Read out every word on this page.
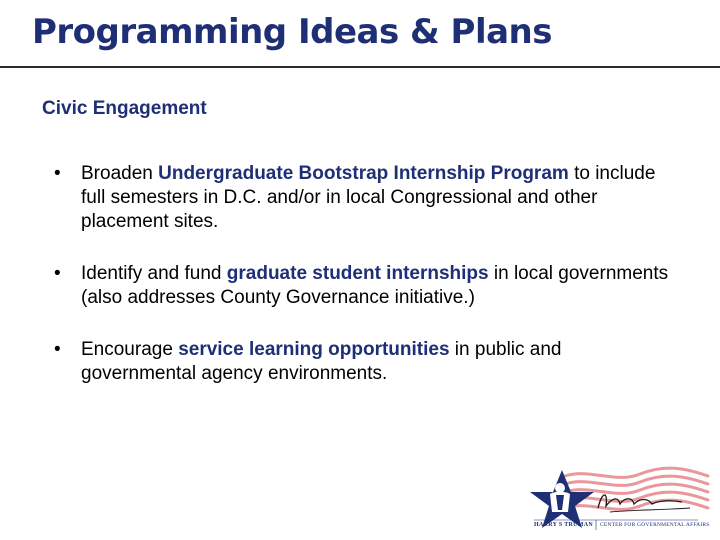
Programming Ideas & Plans
Civic Engagement
• Broaden Undergraduate Bootstrap Internship Program to include full semesters in D.C. and/or in local Congressional and other placement sites.
• Identify and fund graduate student internships in local governments (also addresses County Governance initiative.)
• Encourage service learning opportunities in public and governmental agency environments.
HARRY S TRUMAN CENTER FOR GOVERNMENTAL AFFAIRS
